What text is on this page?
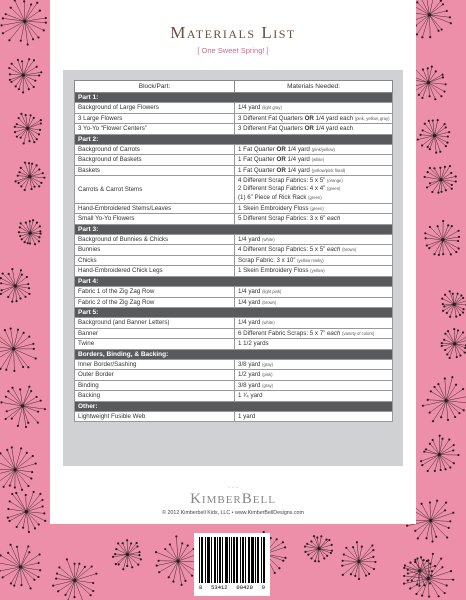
Materials List
[ One Sweet Spring! ]
Block/Part:	Materials Needed:
Part 1:	
Background of Large Flowers	1/4 yard (light gray)
3 Large Flowers	3 Different Fat Quarters OR 1/4 yard each (pink, yellow, gray)
3 Yo-Yo “Flower Centers”	3 Different Fat Quarters OR 1/4 yard each
Part 2:	
Background of Carrots	1 Fat Quarter OR 1/4 yard (pink/yellow)
Background of Baskets	1 Fat Quarter OR 1/4 yard (white)
Baskets	1 Fat Quarter OR 1/4 yard (yellow/pink floral)
Carrots & Carrot Stems	4 Different Scrap Fabrics: 5 x 5” (orange)
2 Different Scrap Fabrics: 4 x 4” (green)
(1) 6” Piece of Rick Rack (green)

Hand-Embroidered Stems/Leaves	1 Skein Embroidery Floss (green)
Small Yo-Yo Flowers	5 Different Scrap Fabrics: 3 x 6” each
Part 3:	
Background of Bunnies & Chicks	1/4 yard (white)
Bunnies	4 Different Scrap Fabrics: 5 x 5” each (brown)
Chicks	Scrap Fabric: 3 x 10” (yellow minky)
Hand-Embroidered Chick Legs	1 Skein Embroidery Floss (yellow)
Part 4:	
Fabric 1 of the Zig Zag Row	1/4 yard (light pink)
Fabric 2 of the Zig Zag Row	1/4 yard (brown)
Part 5:	
Background (and Banner Letters)	1/4 yard (white)
Banner	6 Different Fabric Scraps: 5 x 7” each (variety of colors)
Twine	1 1/2 yards
Borders, Binding, & Backing:	
Inner Border/Sashing	3/8 yard (gray)
Outer Border	1/2 yard (pink)
Binding	3/8 yard (gray)
Backing	1 ¹⁄₄ yard
Other:	
Lightweight Fusible Web	1 yard
· · ·
KimberBell
© 2012 Kimberbell Kids, LLC • www.KimberBellDesigns.com
8 53412 00420 9
